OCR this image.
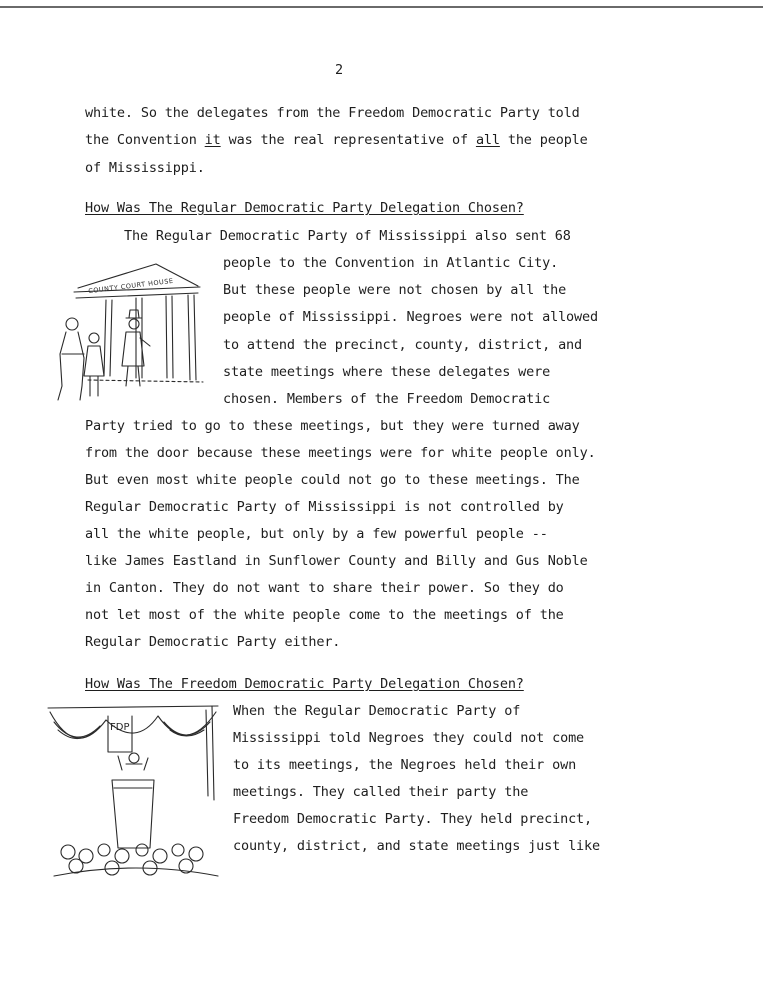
2
white. So the delegates from the Freedom Democratic Party told
the Convention it was the real representative of all the people
of Mississippi.
How Was The Regular Democratic Party Delegation Chosen?
The Regular Democratic Party of Mississippi also sent 68
people to the Convention in Atlantic City.
But these people were not chosen by all the
people of Mississippi. Negroes were not allowed
to attend the precinct, county, district, and
state meetings where these delegates were
chosen. Members of the Freedom Democratic
Party tried to go to these meetings, but they were turned away
from the door because these meetings were for white people only.
But even most white people could not go to these meetings. The
Regular Democratic Party of Mississippi is not controlled by
all the white people, but only by a few powerful people --
like James Eastland in Sunflower County and Billy and Gus Noble
in Canton. They do not want to share their power. So they do
not let most of the white people come to the meetings of the
Regular Democratic Party either.
COUNTY COURT HOUSE
How Was The Freedom Democratic Party Delegation Chosen?
When the Regular Democratic Party of
Mississippi told Negroes they could not come
to its meetings, the Negroes held their own
meetings. They called their party the
Freedom Democratic Party. They held precinct,
county, district, and state meetings just like
FDP
